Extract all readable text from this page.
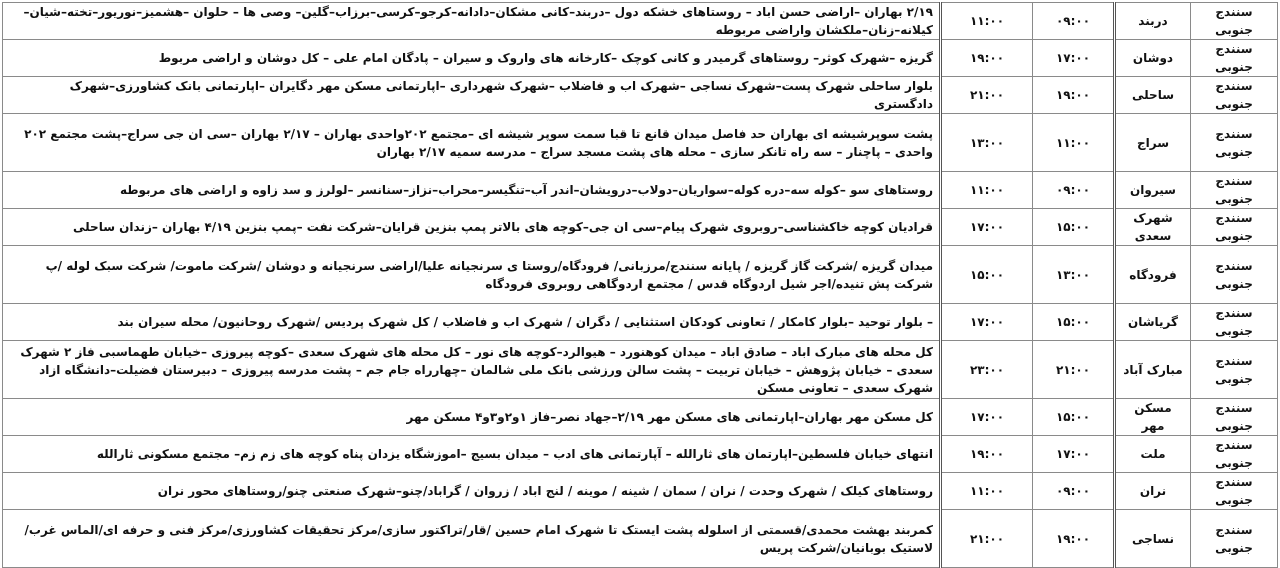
سنندج جنوبی	دربند	۰۹:۰۰	۱۱:۰۰	۲/۱۹ بهاران –اراضی حسن اباد – روستاهای خشکه دول –دربند–کانی مشکان–دادانه–کرجو–کرسی–برزاب–گلین– وصی ها – حلوان –هشمیز–نوریور–تخته–شیان–کیلانه–زنان–ملکشان واراضی مربوطه
سنندج جنوبی	دوشان	۱۷:۰۰	۱۹:۰۰	گریزه –شهرک کوثر– روستاهای گرمیدر و کانی کوچک –کارخانه های واروک و سیران – پادگان امام علی – کل دوشان و اراضی مربوط
سنندج جنوبی	ساحلی	۱۹:۰۰	۲۱:۰۰	بلوار ساحلی شهرک پست–شهرک نساجی –شهرک اب و فاضلاب –شهرک شهرداری –اپارتمانی مسکن مهر دگایران –اپارتمانی بانک کشاورزی–شهرک دادگستری
سنندج جنوبی	سراج	۱۱:۰۰	۱۳:۰۰	پشت سوپرشیشه ای بهاران حد فاصل میدان قانع تا قبا سمت سوپر شیشه ای –مجتمع ۲۰۲واحدی بهاران – ۲/۱۷ بهاران –سی ان جی سراج–پشت مجتمع ۲۰۲ واحدی – پاچنار – سه راه تانکر سازی – محله های پشت مسجد سراج – مدرسه سمیه ۲/۱۷ بهاران
سنندج جنوبی	سیروان	۰۹:۰۰	۱۱:۰۰	روستاهای سو –کوله سه–دره کوله–سواریان–دولاب–درویشان–اندر آب–تنگیسر–محراب–نزاز–سنانسر –لولرز و سد زاوه و اراضی های مربوطه
سنندج جنوبی	شهرک سعدی	۱۵:۰۰	۱۷:۰۰	قرادیان کوچه خاکشناسی–روبروی شهرک پیام–سی ان جی–کوچه های بالاتر پمپ بنزین قرایان–شرکت نفت –پمپ بنزین ۴/۱۹ بهاران –زندان ساحلی
سنندج جنوبی	فرودگاه	۱۳:۰۰	۱۵:۰۰	میدان گریزه /شرکت گاز گریزه / پایانه سنندج/مرزبانی/ فرودگاه/روستا ی سرنجیانه علیا/اراضی سرنجیانه و دوشان /شرکت ماموت/ شرکت سبک لوله /پ شرکت پش تنیده/اجر شیل اردوگاه قدس / مجتمع اردوگاهی روبروی فرودگاه
سنندج جنوبی	گریاشان	۱۵:۰۰	۱۷:۰۰	– بلوار توحید –بلوار کامکار / تعاونی کودکان استثنایی / دگران / شهرک اب و فاضلاب / کل شهرک پردیس /شهرک روحانیون/ محله سیران بند
سنندج جنوبی	مبارک آباد	۲۱:۰۰	۲۳:۰۰	کل محله های مبارک اباد – صادق اباد – میدان کوهنورد – هیوالرد–کوچه های نور – کل محله های شهرک سعدی –کوچه پیروزی –خیابان طهماسبی فاز ۲ شهرک سعدی – خیابان پژوهش – خیابان تربیت – پشت سالن ورزشی بانک ملی شالمان –چهارراه جام جم – پشت مدرسه پیروزی – دبیرستان فضیلت–دانشگاه ازاد شهرک سعدی – تعاونی مسکن
سنندج جنوبی	مسکن مهر	۱۵:۰۰	۱۷:۰۰	کل مسکن مهر بهاران–اپارتمانی های مسکن مهر ۲/۱۹–جهاد نصر–فاز ۱و۲و۳و۴ مسکن مهر
سنندج جنوبی	ملت	۱۷:۰۰	۱۹:۰۰	انتهای خیابان فلسطین–اپارتمان های ثارالله – آپارتمانی های ادب – میدان بسیج –اموزشگاه یزدان پناه کوچه های زم زم– مجتمع مسکونی ثارالله
سنندج جنوبی	نران	۰۹:۰۰	۱۱:۰۰	روستاهای کیلک / شهرک وحدت / نران / سمان / شینه / موینه / لنج اباد / زروان / گراباد/چنو–شهرک صنعتی چنو/روستاهای محور نران
سنندج جنوبی	نساجی	۱۹:۰۰	۲۱:۰۰	کمربند بهشت محمدی/قسمتی از اسلوله پشت ایستک تا شهرک امام حسین /قار/تراکتور سازی/مرکز تحقیقات کشاورزی/مرکز فنی و حرفه ای/الماس غرب/لاستیک بوبانیان/شرکت پریس
